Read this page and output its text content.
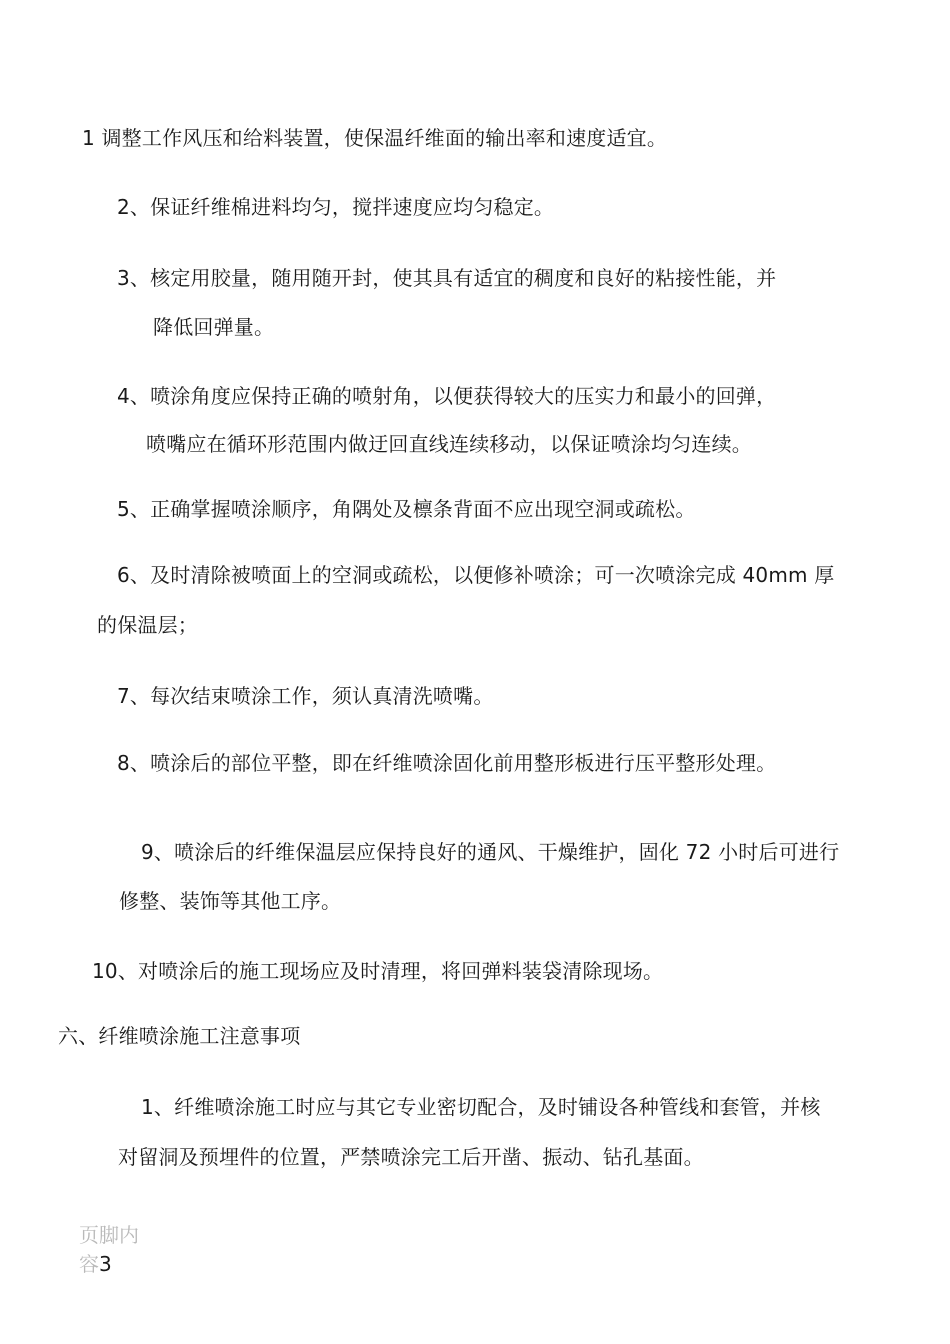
1 调整工作风压和给料装置，使保温纤维面的输出率和速度适宜。
2、保证纤维棉进料均匀，搅拌速度应均匀稳定。
3、核定用胶量，随用随开封，使其具有适宜的稠度和良好的粘接性能，并
降低回弹量。
4、喷涂角度应保持正确的喷射角，以便获得较大的压实力和最小的回弹，
喷嘴应在循环形范围内做迂回直线连续移动，以保证喷涂均匀连续。
5、正确掌握喷涂顺序，角隅处及檩条背面不应出现空洞或疏松。
6、及时清除被喷面上的空洞或疏松，以便修补喷涂；可一次喷涂完成 40mm 厚
的保温层；
7、每次结束喷涂工作，须认真清洗喷嘴。
8、喷涂后的部位平整，即在纤维喷涂固化前用整形板进行压平整形处理。
9、喷涂后的纤维保温层应保持良好的通风、干燥维护，固化 72 小时后可进行
修整、装饰等其他工序。
10、对喷涂后的施工现场应及时清理，将回弹料装袋清除现场。
六、纤维喷涂施工注意事项
1、纤维喷涂施工时应与其它专业密切配合，及时铺设各种管线和套管，并核
对留洞及预埋件的位置，严禁喷涂完工后开凿、振动、钻孔基面。
页脚内
容3
